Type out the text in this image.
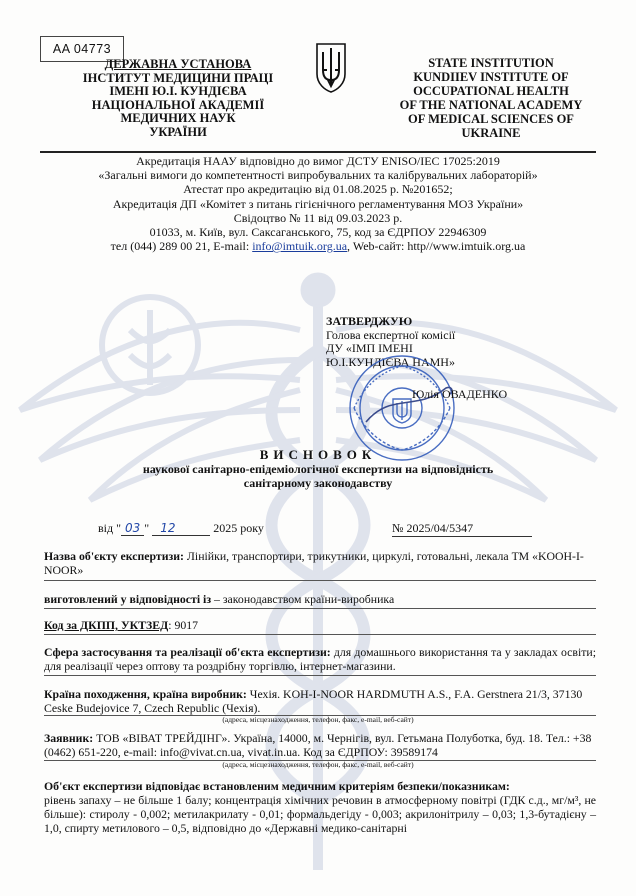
AA 04773
ДЕРЖАВНА УСТАНОВА
ІНСТИТУТ МЕДИЦИНИ ПРАЦІ
ІМЕНІ Ю.І. КУНДІЄВА
НАЦІОНАЛЬНОЇ АКАДЕМІЇ
МЕДИЧНИХ НАУК
УКРАЇНИ
STATE INSTITUTION
KUNDIIEV INSTITUTE OF
OCCUPATIONAL HEALTH
OF THE NATIONAL ACADEMY
OF MEDICAL SCIENCES OF
UKRAINE
Акредитація НААУ відповідно до вимог ДСТУ ENISO/IEC 17025:2019
«Загальні вимоги до компетентності випробувальних та калібрувальних лабораторій»
Атестат про акредитацію від 01.08.2025 р. №201652;
Акредитація ДП «Комітет з питань гігієнічного регламентування МОЗ України»
Свідоцтво № 11 від 09.03.2023 р.
01033, м. Київ, вул. Саксаганського, 75, код за ЄДРПОУ 22946309
тел (044) 289 00 21, E-mail: info@imtuik.org.ua, Web-сайт: http//www.imtuik.org.ua
ЗАТВЕРДЖУЮ
Голова експертної комісії
ДУ «ІМП ІМЕНІ
Ю.І.КУНДІЄВА НАМН»
Юлія ОВАДЕНКО
ВИСНОВОК
наукової санітарно-епідеміологічної експертизи на відповідність
санітарному законодавству
від " 03 " 12	2025 року	№ 2025/04/5347
Назва об'єкту експертизи: Лінійки, транспортири, трикутники, циркулі, готовальні, лекала ТМ «KOOH-I-NOOR»
виготовлений у відповідності із – законодавством країни-виробника
Код за ДКПП, УКТЗЕД: 9017
Сфера застосування та реалізації об'єкта експертизи: для домашнього використання та у закладах освіти; для реалізації через оптову та роздрібну торгівлю, інтернет-магазини.
Країна походження, країна виробник: Чехія. KOH-I-NOOR HARDMUTH A.S., F.A. Gerstnera 21/3, 37130 Ceske Budejovice 7, Czech Republic (Чехія).
(адреса, місцезнаходження, телефон, факс, e-mail, веб-сайт)
Заявник: ТОВ «ВІВАТ ТРЕЙДІНГ». Україна, 14000, м. Чернігів, вул. Гетьмана Полуботка, буд. 18. Тел.: +38 (0462) 651-220, e-mail: info@vivat.cn.ua, vivat.in.ua. Код за ЄДРПОУ: 39589174
(адреса, місцезнаходження, телефон, факс, e-mail, веб-сайт)
Об'єкт експертизи відповідає встановленим медичним критеріям безпеки/показникам:
рівень запаху – не більше 1 балу; концентрація хімічних речовин в атмосферному повітрі (ГДК с.д., мг/м³, не більше): стиролу - 0,002; метилакрилату - 0,01; формальдегіду - 0,003; акрилонітрилу – 0,03; 1,3-бутадієну – 1,0, спирту метилового – 0,5, відповідно до «Державні медико-санітарні
